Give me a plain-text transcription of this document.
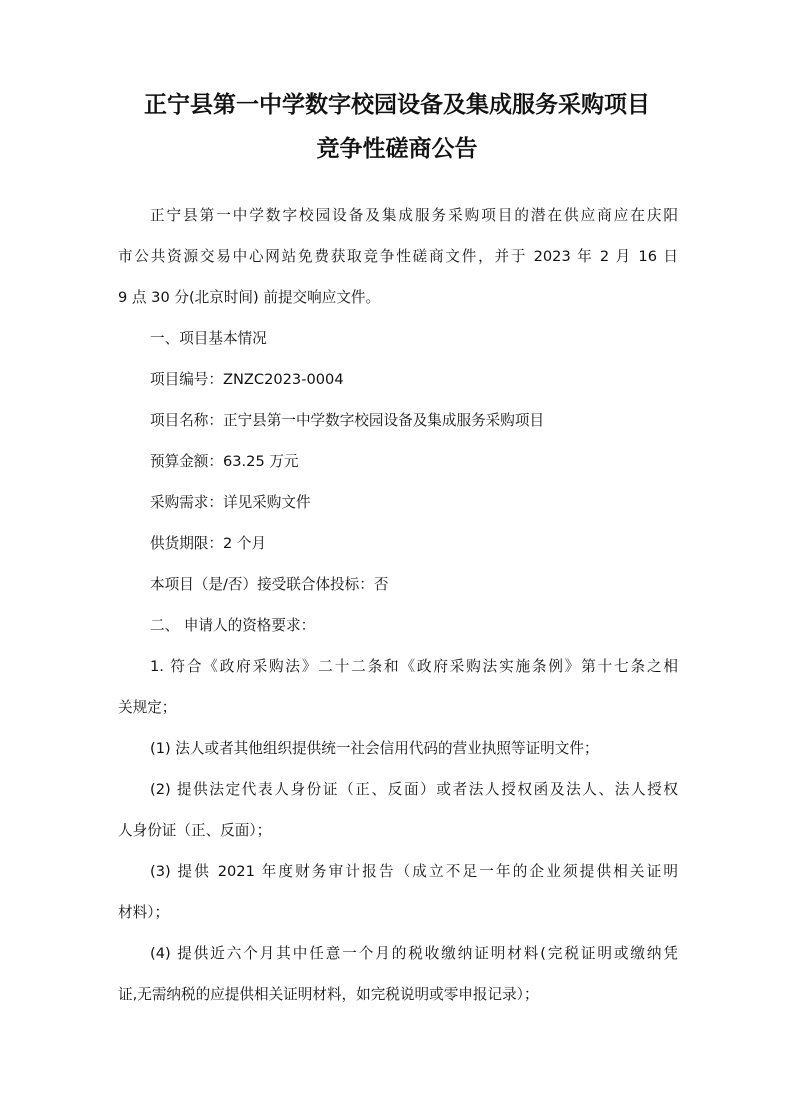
正宁县第一中学数字校园设备及集成服务采购项目
竞争性磋商公告

正宁县第一中学数字校园设备及集成服务采购项目的潜在供应商应在庆阳

市公共资源交易中心网站免费获取竞争性磋商文件，并于 2023 年 2 月 16 日

9 点 30 分(北京时间) 前提交响应文件。

一、项目基本情况

项目编号：ZNZC2023-0004

项目名称：正宁县第一中学数字校园设备及集成服务采购项目

预算金额：63.25 万元

采购需求：详见采购文件

供货期限：2 个月

本项目（是/否）接受联合体投标：否

二、 申请人的资格要求：

1. 符合《政府采购法》二十二条和《政府采购法实施条例》第十七条之相

关规定；

(1) 法人或者其他组织提供统一社会信用代码的营业执照等证明文件；

(2) 提供法定代表人身份证（正、反面）或者法人授权函及法人、法人授权

人身份证（正、反面）；

(3) 提供 2021 年度财务审计报告（成立不足一年的企业须提供相关证明

材料）；

(4) 提供近六个月其中任意一个月的税收缴纳证明材料(完税证明或缴纳凭

证,无需纳税的应提供相关证明材料，如完税说明或零申报记录）；
